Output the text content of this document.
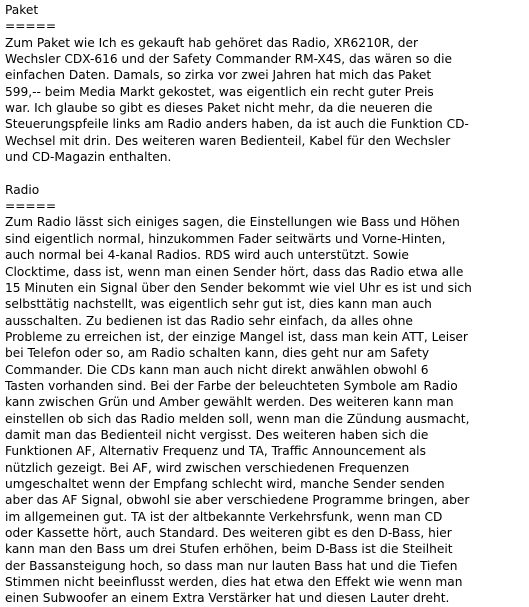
Paket
=====
Zum Paket wie Ich es gekauft hab gehöret das Radio, XR6210R, der
Wechsler CDX-616 und der Safety Commander RM-X4S, das wären so die
einfachen Daten. Damals, so zirka vor zwei Jahren hat mich das Paket
599,-- beim Media Markt gekostet, was eigentlich ein recht guter Preis
war. Ich glaube so gibt es dieses Paket nicht mehr, da die neueren die
Steuerungspfeile links am Radio anders haben, da ist auch die Funktion CD-
Wechsel mit drin. Des weiteren waren Bedienteil, Kabel für den Wechsler
und CD-Magazin enthalten.
Radio
=====
Zum Radio lässt sich einiges sagen, die Einstellungen wie Bass und Höhen
sind eigentlich normal, hinzukommen Fader seitwärts und Vorne-Hinten,
auch normal bei 4-kanal Radios. RDS wird auch unterstützt. Sowie
Clocktime, dass ist, wenn man einen Sender hört, dass das Radio etwa alle
15 Minuten ein Signal über den Sender bekommt wie viel Uhr es ist und sich
selbsttätig nachstellt, was eigentlich sehr gut ist, dies kann man auch
ausschalten. Zu bedienen ist das Radio sehr einfach, da alles ohne
Probleme zu erreichen ist, der einzige Mangel ist, dass man kein ATT, Leiser
bei Telefon oder so, am Radio schalten kann, dies geht nur am Safety
Commander. Die CDs kann man auch nicht direkt anwählen obwohl 6
Tasten vorhanden sind. Bei der Farbe der beleuchteten Symbole am Radio
kann zwischen Grün und Amber gewählt werden. Des weiteren kann man
einstellen ob sich das Radio melden soll, wenn man die Zündung ausmacht,
damit man das Bedienteil nicht vergisst. Des weiteren haben sich die
Funktionen AF, Alternativ Frequenz und TA, Traffic Announcement als
nützlich gezeigt. Bei AF, wird zwischen verschiedenen Frequenzen
umgeschaltet wenn der Empfang schlecht wird, manche Sender senden
aber das AF Signal, obwohl sie aber verschiedene Programme bringen, aber
im allgemeinen gut. TA ist der altbekannte Verkehrsfunk, wenn man CD
oder Kassette hört, auch Standard. Des weiteren gibt es den D-Bass, hier
kann man den Bass um drei Stufen erhöhen, beim D-Bass ist die Steilheit
der Bassansteigung hoch, so dass man nur lauten Bass hat und die Tiefen
Stimmen nicht beeinflusst werden, dies hat etwa den Effekt wie wenn man
einen Subwoofer an einem Extra Verstärker hat und diesen Lauter dreht.
